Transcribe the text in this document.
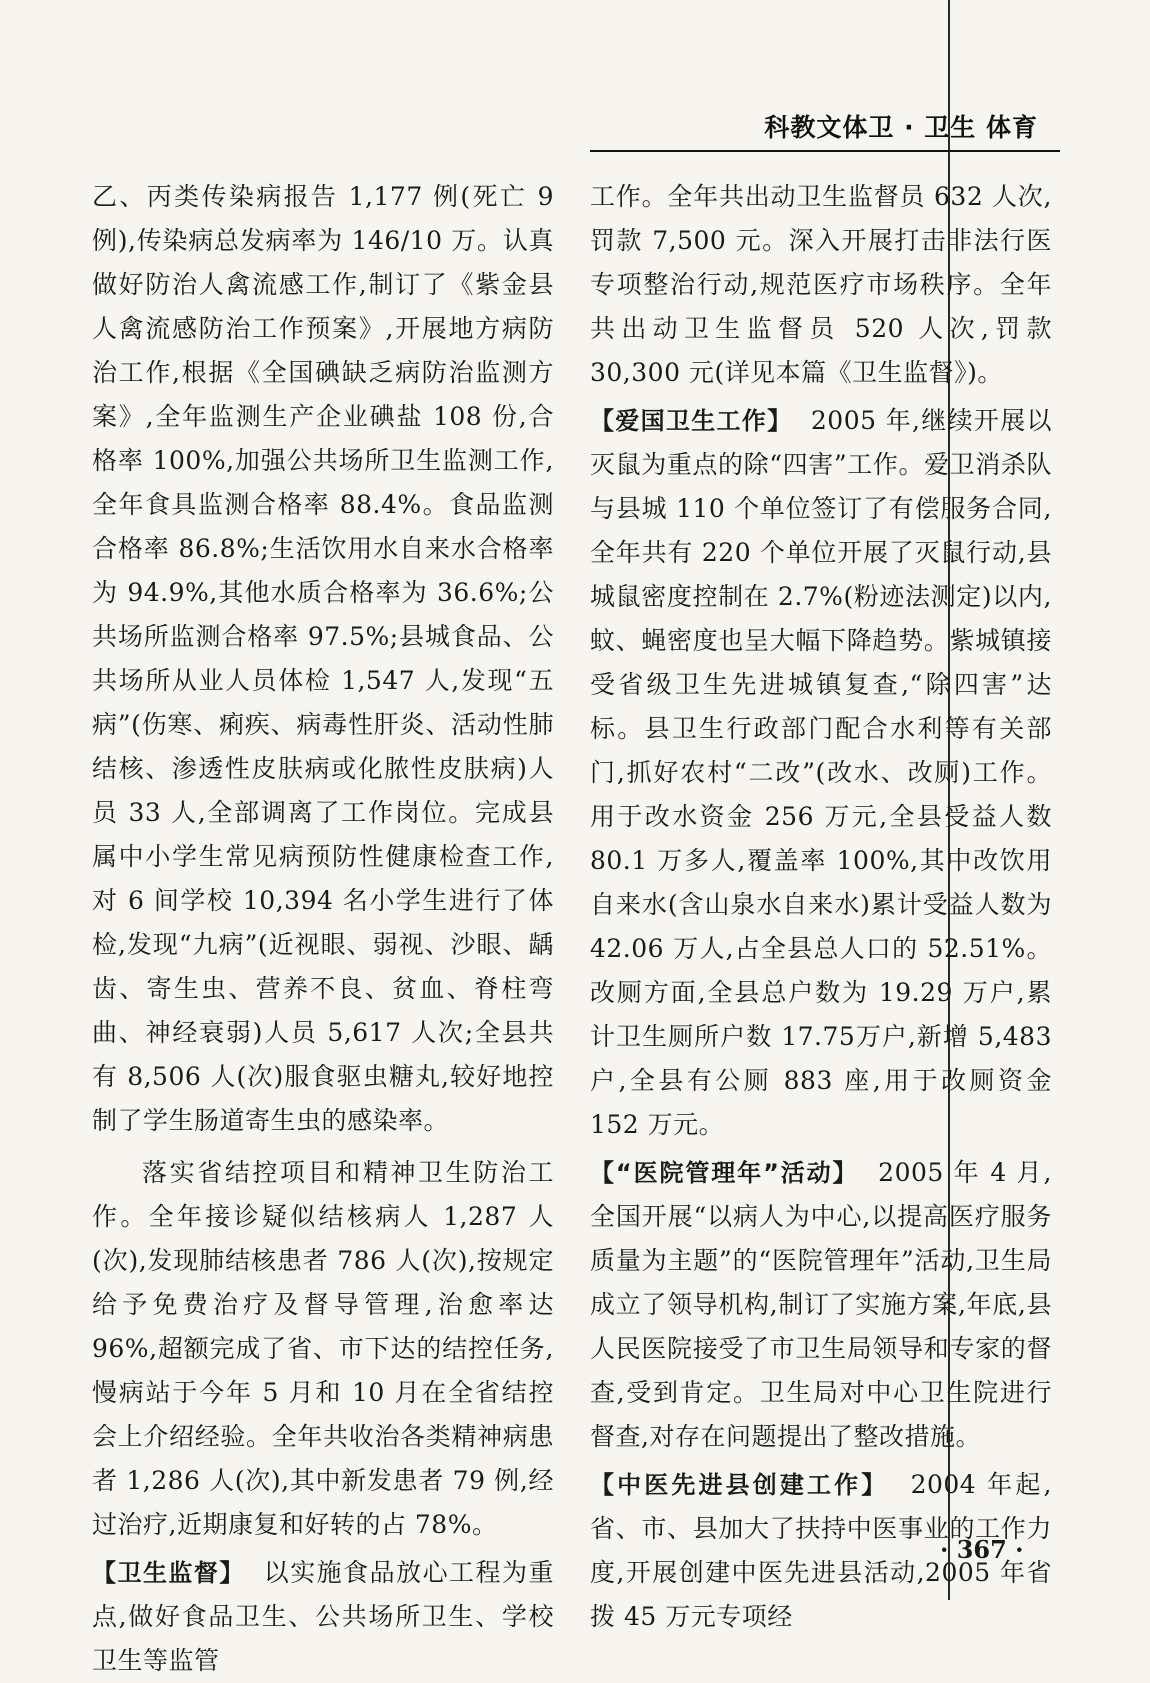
科教文体卫 · 卫生 体育

乙、丙类传染病报告 1,177 例(死亡 9 例),传染病总发病率为 146/10 万。认真做好防治人禽流感工作,制订了《紫金县人禽流感防治工作预案》,开展地方病防治工作,根据《全国碘缺乏病防治监测方案》,全年监测生产企业碘盐 108 份,合格率 100%,加强公共场所卫生监测工作,全年食具监测合格率 88.4%。食品监测合格率 86.8%;生活饮用水自来水合格率为 94.9%,其他水质合格率为 36.6%;公共场所监测合格率 97.5%;县城食品、公共场所从业人员体检 1,547 人,发现“五病”(伤寒、痢疾、病毒性肝炎、活动性肺结核、渗透性皮肤病或化脓性皮肤病)人员 33 人,全部调离了工作岗位。完成县属中小学生常见病预防性健康检查工作,对 6 间学校 10,394 名小学生进行了体检,发现“九病”(近视眼、弱视、沙眼、龋齿、寄生虫、营养不良、贫血、脊柱弯曲、神经衰弱)人员 5,617 人次;全县共有 8,506 人(次)服食驱虫糖丸,较好地控制了学生肠道寄生虫的感染率。

落实省结控项目和精神卫生防治工作。全年接诊疑似结核病人 1,287 人(次),发现肺结核患者 786 人(次),按规定给予免费治疗及督导管理,治愈率达 96%,超额完成了省、市下达的结控任务,慢病站于今年 5 月和 10 月在全省结控会上介绍经验。全年共收治各类精神病患者 1,286 人(次),其中新发患者 79 例,经过治疗,近期康复和好转的占 78%。

【卫生监督】 以实施食品放心工程为重点,做好食品卫生、公共场所卫生、学校卫生等监管

工作。全年共出动卫生监督员 632 人次,罚款 7,500 元。深入开展打击非法行医专项整治行动,规范医疗市场秩序。全年共出动卫生监督员 520 人次,罚款 30,300 元(详见本篇《卫生监督》)。

【爱国卫生工作】 2005 年,继续开展以灭鼠为重点的除“四害”工作。爱卫消杀队与县城 110 个单位签订了有偿服务合同,全年共有 220 个单位开展了灭鼠行动,县城鼠密度控制在 2.7%(粉迹法测定)以内,蚊、蝇密度也呈大幅下降趋势。紫城镇接受省级卫生先进城镇复查,“除四害”达标。县卫生行政部门配合水利等有关部门,抓好农村“二改”(改水、改厕)工作。用于改水资金 256 万元,全县受益人数 80.1 万多人,覆盖率 100%,其中改饮用自来水(含山泉水自来水)累计受益人数为 42.06 万人,占全县总人口的 52.51%。改厕方面,全县总户数为 19.29 万户,累计卫生厕所户数 17.75万户,新增 5,483 户,全县有公厕 883 座,用于改厕资金 152 万元。

【“医院管理年”活动】 2005 年 4 月,全国开展“以病人为中心,以提高医疗服务质量为主题”的“医院管理年”活动,卫生局成立了领导机构,制订了实施方案,年底,县人民医院接受了市卫生局领导和专家的督查,受到肯定。卫生局对中心卫生院进行督查,对存在问题提出了整改措施。

【中医先进县创建工作】 2004 年起,省、市、县加大了扶持中医事业的工作力度,开展创建中医先进县活动,2005 年省拨 45 万元专项经

· 367 ·
